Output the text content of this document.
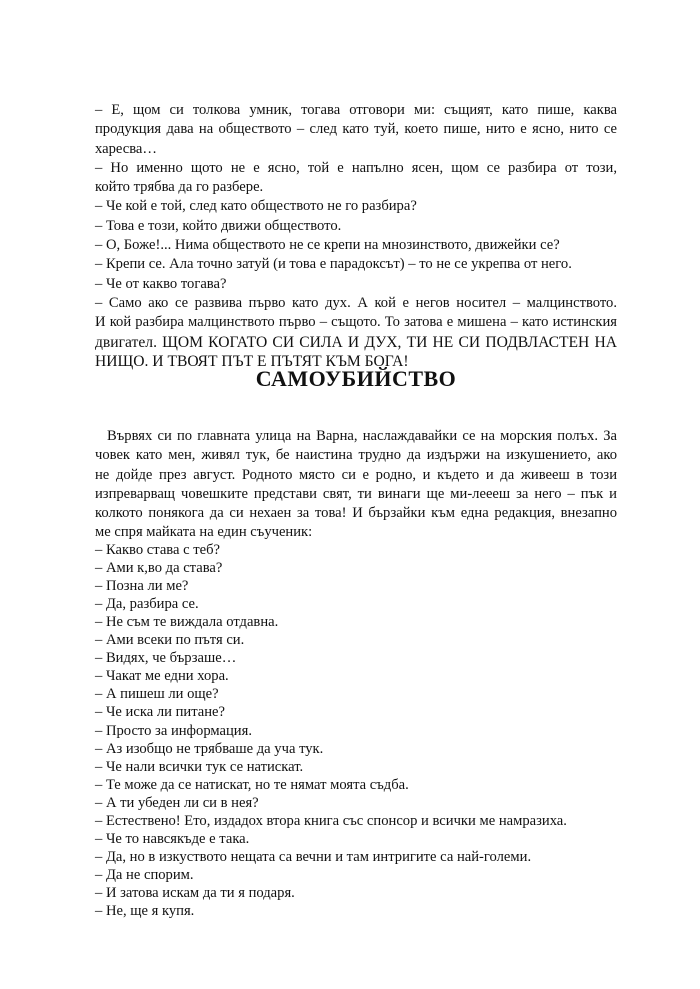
– Е, щом си толкова умник, тогава отговори ми: същият, като пише, каква
продукция дава на обществото – след като туй, което пише, нито е ясно, нито се
харесва…
– Но именно щото не е ясно, той е напълно ясен, щом се разбира от този,
който трябва да го разбере.
– Че кой е той, след като обществото не го разбира?
– Това е този, който движи обществото.
– О, Боже!... Нима обществото не се крепи на мнозинството, движейки се?
– Крепи се. Ала точно затуй (и това е парадоксът) – то не се укрепва от него.
– Че от какво тогава?
– Само ако се развива първо като дух. А кой е негов носител – малцинството.
И кой разбира малцинството първо – същото. То затова е мишена – като истинския
двигател. ЩОМ КОГАТО СИ СИЛА И ДУХ, ТИ НЕ СИ ПОДВЛАСТЕН НА
НИЩО. И ТВОЯТ ПЪТ Е ПЪТЯТ КЪМ БОГА!
САМОУБИЙСТВО
Вървях си по главната улица на Варна, наслаждавайки се на морския полъх. За
човек като мен, живял тук, бе наистина трудно да издържи на изкушението, ако
не дойде през август. Родното място си е родно, и където и да живееш в този
изпреварващ човешките представи свят, ти винаги ще ми-леееш за него – пък и
колкото понякога да си нехаен за това! И бързайки към една редакция, внезапно
ме спря майката на един съученик:
– Какво става с теб?
– Ами к,во да става?
– Позна ли ме?
– Да, разбира се.
– Не съм те виждала отдавна.
– Ами всеки по пътя си.
– Видях, че бързаше…
– Чакат ме едни хора.
– А пишеш ли още?
– Че иска ли питане?
– Просто за информация.
– Аз изобщо не трябваше да уча тук.
– Че нали всички тук се натискат.
– Те може да се натискат, но те нямат моята съдба.
– А ти убеден ли си в нея?
– Естествено! Ето, издадох втора книга със спонсор и всички ме намразиха.
– Че то навсякъде е така.
– Да, но в изкуството нещата са вечни и там интригите са най-големи.
– Да не спорим.
– И затова искам да ти я подаря.
– Не, ще я купя.
